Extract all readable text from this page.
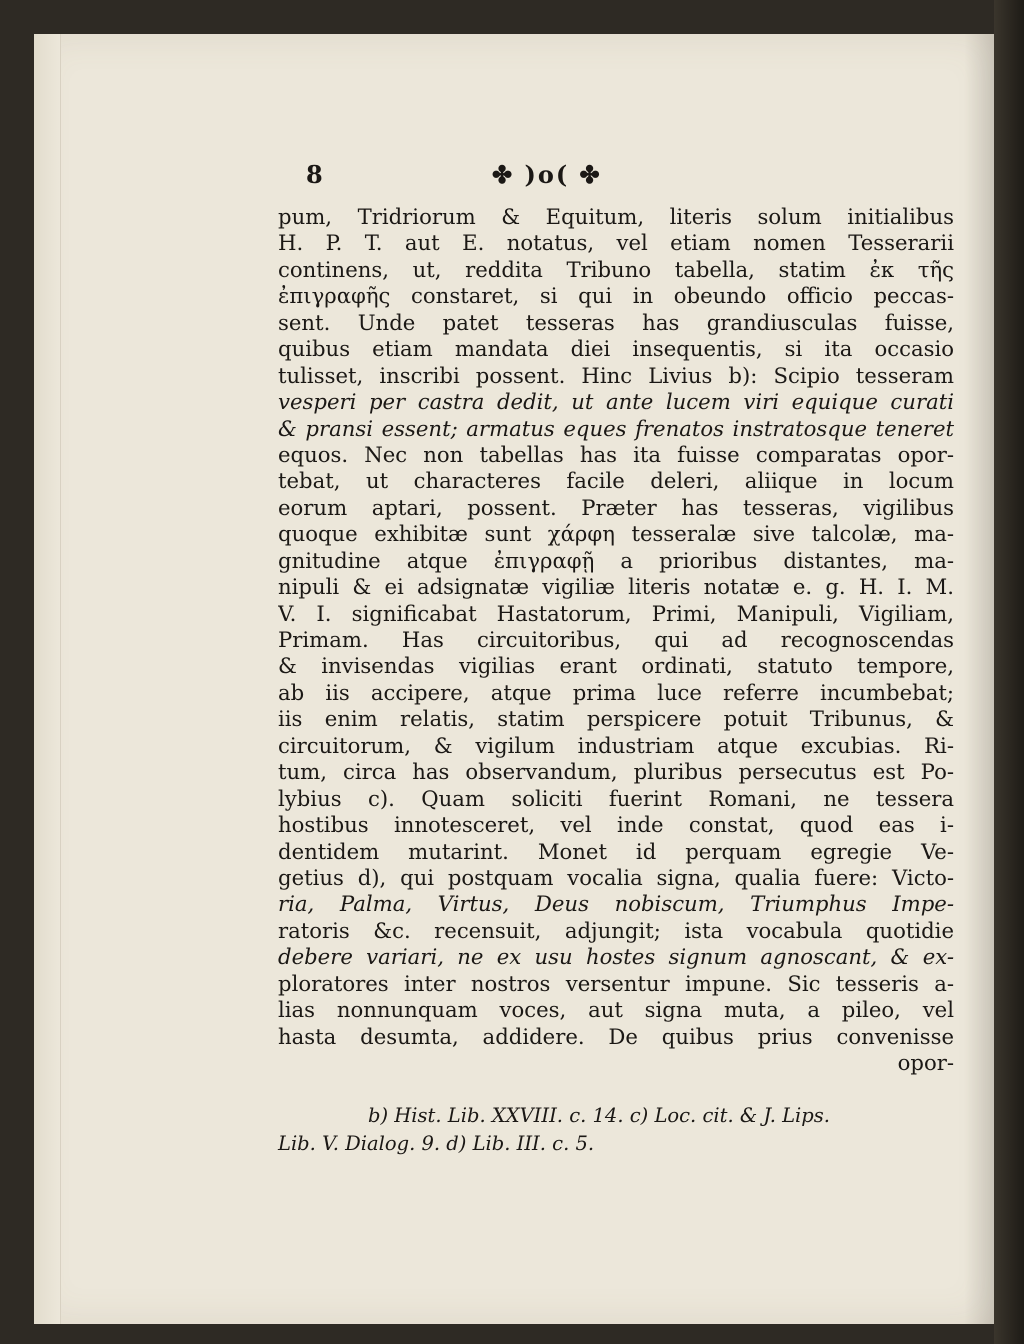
8	✤ )o( ✤
pum, Tridriorum & Equitum, literis solum initialibus
H. P. T. aut E. notatus, vel etiam nomen Tesserarii
continens, ut, reddita Tribuno tabella, statim ἐκ τῆς
ἐπιγραφῆς constaret, si qui in obeundo officio peccas-
sent. Unde patet tesseras has grandiusculas fuisse,
quibus etiam mandata diei insequentis, si ita occasio
tulisset, inscribi possent. Hinc Livius b): Scipio tesseram
vesperi per castra dedit, ut ante lucem viri equique curati
& pransi essent; armatus eques frenatos instratosque teneret
equos. Nec non tabellas has ita fuisse comparatas opor-
tebat, ut characteres facile deleri, aliique in locum
eorum aptari, possent. Præter has tesseras, vigilibus
quoque exhibitæ sunt χάρφη tesseralæ sive talcolæ, ma-
gnitudine atque ἐπιγραφῇ a prioribus distantes, ma-
nipuli & ei adsignatæ vigiliæ literis notatæ e. g. H. I. M.
V. I. significabat Hastatorum, Primi, Manipuli, Vigiliam,
Primam. Has circuitoribus, qui ad recognoscendas
& invisendas vigilias erant ordinati, statuto tempore,
ab iis accipere, atque prima luce referre incumbebat;
iis enim relatis, statim perspicere potuit Tribunus, &
circuitorum, & vigilum industriam atque excubias. Ri-
tum, circa has observandum, pluribus persecutus est Po-
lybius c). Quam soliciti fuerint Romani, ne tessera
hostibus innotesceret, vel inde constat, quod eas i-
dentidem mutarint. Monet id perquam egregie Ve-
getius d), qui postquam vocalia signa, qualia fuere: Victo-
ria, Palma, Virtus, Deus nobiscum, Triumphus Impe-
ratoris &c. recensuit, adjungit; ista vocabula quotidie
debere variari, ne ex usu hostes signum agnoscant, & ex-
ploratores inter nostros versentur impune. Sic tesseris a-
lias nonnunquam voces, aut signa muta, a pileo, vel
hasta desumta, addidere. De quibus prius convenisse
opor-
b) Hist. Lib. XXVIII. c. 14. c) Loc. cit. & J. Lips.
Lib. V. Dialog. 9. d) Lib. III. c. 5.
